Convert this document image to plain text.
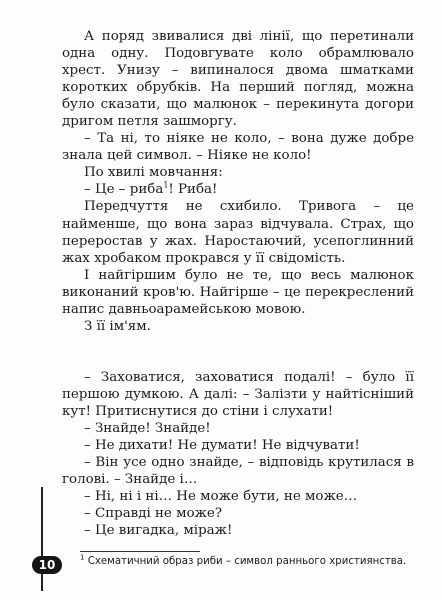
А поряд звивалися дві лінії, що перетинали одна одну. Подовгувате коло обрамлювало хрест. Унизу – випиналося двома шматками коротких обрубків. На перший погляд, можна було сказати, що малюнок – перекинута догори дригом петля зашморгу.

– Та ні, то ніяке не коло, – вона дуже добре знала цей символ. – Ніяке не коло!

По хвилі мовчання:

– Це – риба$^1$! Риба!

Передчуття не схибило. Тривога – це найменше, що вона зараз відчувала. Страх, що переростав у жах. Наростаючий, усепоглинний жах хробаком прокрався у її свідомість.

І найгіршим було не те, що весь малюнок виконаний кров'ю. Найгірше – це перекреслений напис давньоарамейською мовою.

З її ім'ям.

– Заховатися, заховатися подалі! – було її першою думкою. А далі: – Залізти у найтісніший кут! Притиснутися до стіни і слухати!

– Знайде! Знайде!

– Не дихати! Не думати! Не відчувати!

– Він усе одно знайде, – відповідь крутилася в голові. – Знайде і…

– Ні, ні і ні… Не може бути, не може…

– Справді не може?

– Це вигадка, міраж!

10
$^1$ Схематичний образ риби – символ раннього християнства.
